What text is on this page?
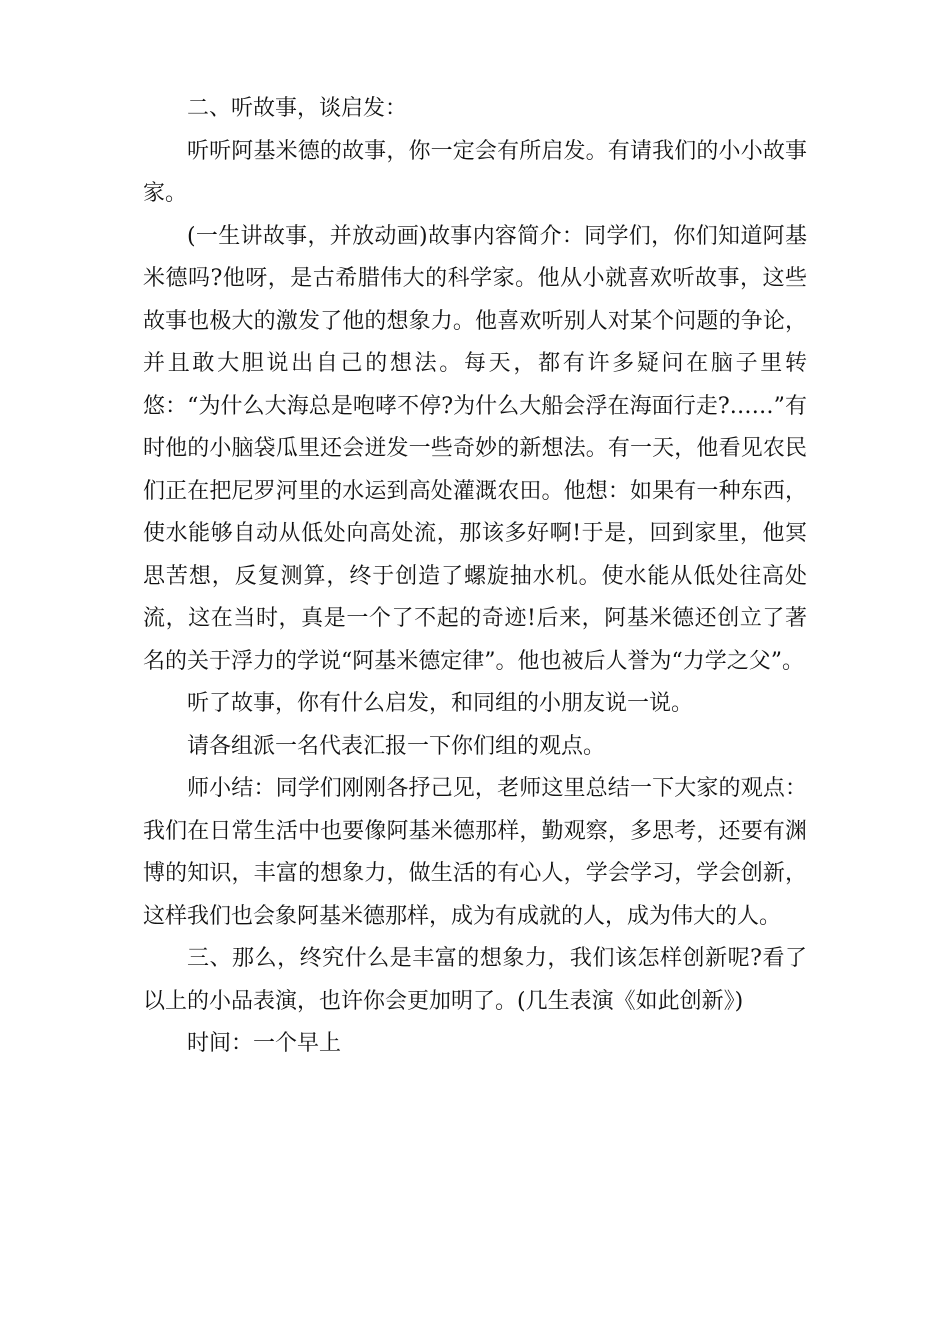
二、听故事，谈启发：

听听阿基米德的故事，你一定会有所启发。有请我们的小小故事家。

(一生讲故事，并放动画)故事内容简介：同学们，你们知道阿基米德吗?他呀，是古希腊伟大的科学家。他从小就喜欢听故事，这些故事也极大的激发了他的想象力。他喜欢听别人对某个问题的争论，并且敢大胆说出自己的想法。每天，都有许多疑问在脑子里转悠：“为什么大海总是咆哮不停?为什么大船会浮在海面行走?……”有时他的小脑袋瓜里还会迸发一些奇妙的新想法。有一天，他看见农民们正在把尼罗河里的水运到高处灌溉农田。他想：如果有一种东西，使水能够自动从低处向高处流，那该多好啊!于是，回到家里，他冥思苦想，反复测算，终于创造了螺旋抽水机。使水能从低处往高处流，这在当时，真是一个了不起的奇迹!后来，阿基米德还创立了著名的关于浮力的学说“阿基米德定律”。他也被后人誉为“力学之父”。

听了故事，你有什么启发，和同组的小朋友说一说。

请各组派一名代表汇报一下你们组的观点。

师小结：同学们刚刚各抒己见，老师这里总结一下大家的观点：我们在日常生活中也要像阿基米德那样，勤观察，多思考，还要有渊博的知识，丰富的想象力，做生活的有心人，学会学习，学会创新，这样我们也会象阿基米德那样，成为有成就的人，成为伟大的人。

三、那么，终究什么是丰富的想象力，我们该怎样创新呢?看了以上的小品表演，也许你会更加明了。(几生表演《如此创新》)

时间：一个早上
